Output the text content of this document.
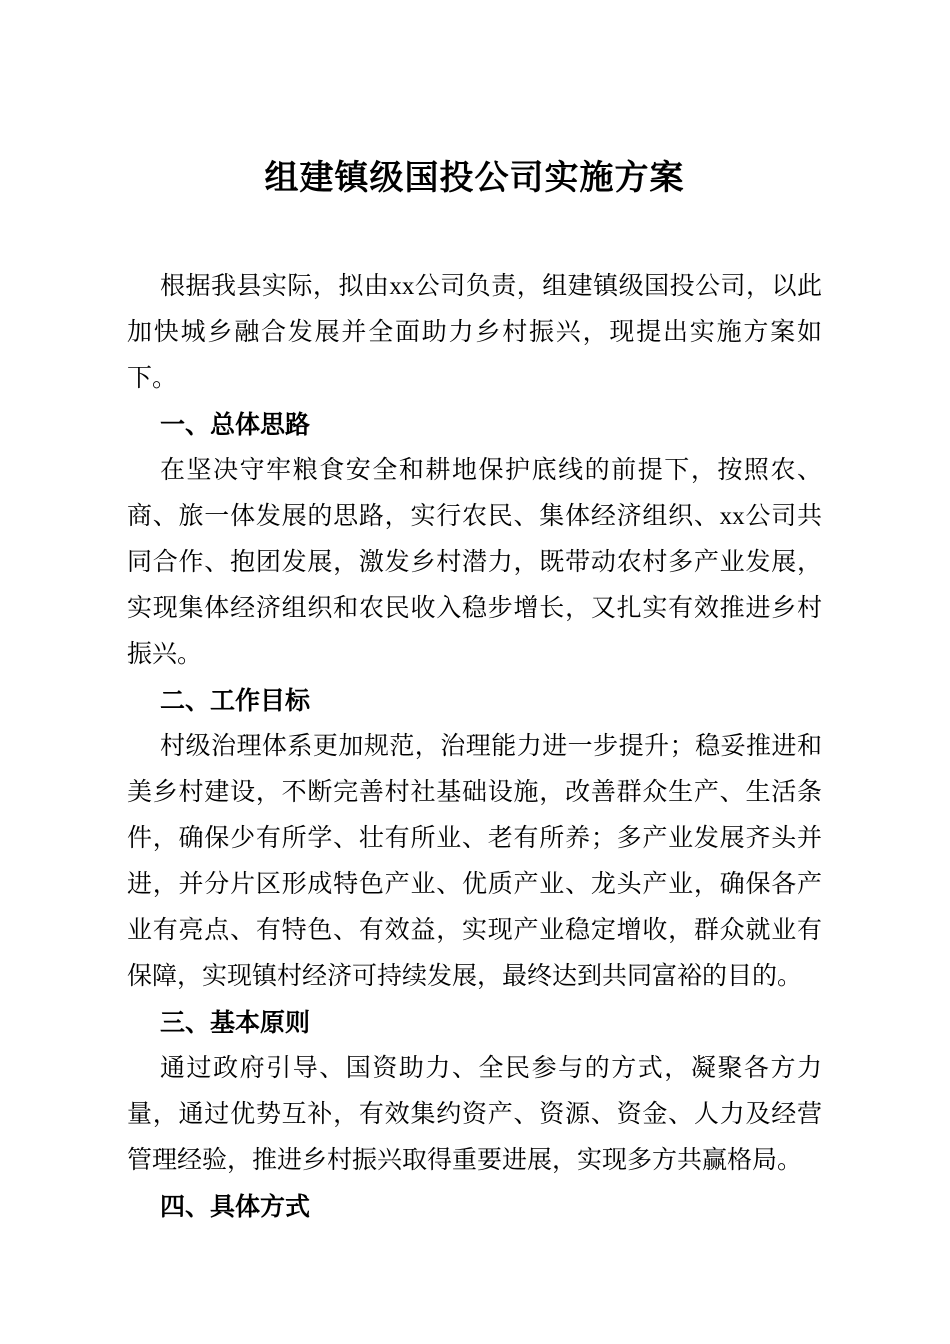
组建镇级国投公司实施方案

根据我县实际，拟由xx公司负责，组建镇级国投公司，以此加快城乡融合发展并全面助力乡村振兴，现提出实施方案如下。

一、总体思路

在坚决守牢粮食安全和耕地保护底线的前提下，按照农、商、旅一体发展的思路，实行农民、集体经济组织、xx公司共同合作、抱团发展，激发乡村潜力，既带动农村多产业发展，实现集体经济组织和农民收入稳步增长，又扎实有效推进乡村振兴。

二、工作目标

村级治理体系更加规范，治理能力进一步提升；稳妥推进和美乡村建设，不断完善村社基础设施，改善群众生产、生活条件，确保少有所学、壮有所业、老有所养；多产业发展齐头并进，并分片区形成特色产业、优质产业、龙头产业，确保各产业有亮点、有特色、有效益，实现产业稳定增收，群众就业有保障，实现镇村经济可持续发展，最终达到共同富裕的目的。

三、基本原则

通过政府引导、国资助力、全民参与的方式，凝聚各方力量，通过优势互补，有效集约资产、资源、资金、人力及经营管理经验，推进乡村振兴取得重要进展，实现多方共赢格局。

四、具体方式
